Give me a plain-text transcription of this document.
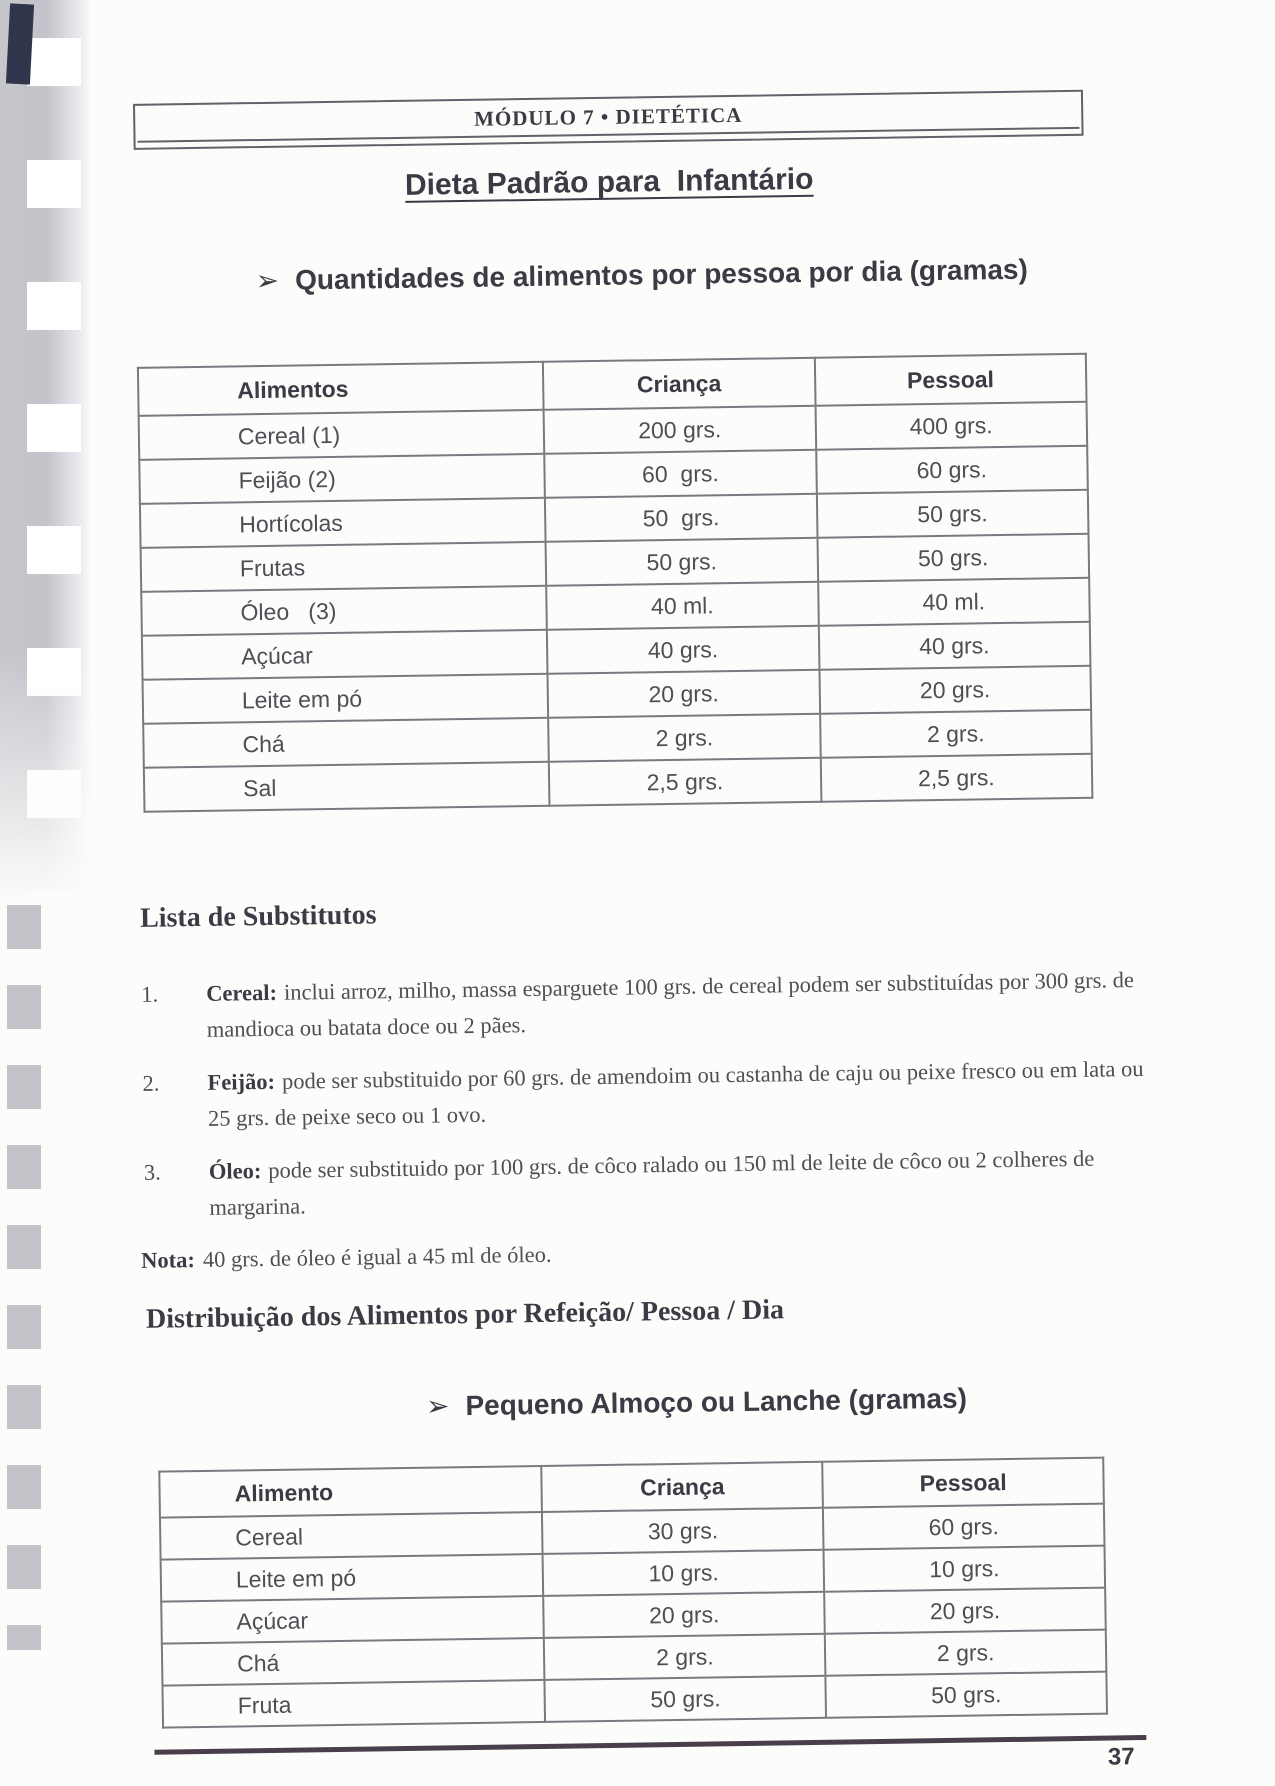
MÓDULO 7 • DIETÉTICA
Dieta Padrão para  Infantário

➢ Quantidades de alimentos por pessoa por dia (gramas)

Alimentos	Criança	Pessoal
Cereal (1)	200 grs.	400 grs.
Feijão (2)	60  grs.	60 grs.
Hortícolas	50  grs.	50 grs.
Frutas	50 grs.	50 grs.
Óleo   (3)	40 ml.	40 ml.
Açúcar	40 grs.	40 grs.
Leite em pó	20 grs.	20 grs.
Chá	2 grs.	2 grs.
Sal	2,5 grs.	2,5 grs.
Lista de Substitutos
1.	Cereal: inclui arroz, milho, massa esparguete 100 grs. de cereal podem ser substituídas por 300 grs. de mandioca ou batata doce ou 2 pães.

2.	Feijão: pode ser substituido por 60 grs. de amendoim ou castanha de caju ou peixe fresco ou em lata ou 25 grs. de peixe seco ou 1 ovo.

3.	Óleo: pode ser substituido por 100 grs. de côco ralado ou 150 ml de leite de côco ou 2 colheres de margarina.

Nota: 40 grs. de óleo é igual a 45 ml de óleo.

Distribuição dos Alimentos por Refeição/ Pessoa / Dia

➢ Pequeno Almoço ou Lanche (gramas)

Alimento	Criança	Pessoal
Cereal	30 grs.	60 grs.
Leite em pó	10 grs.	10 grs.
Açúcar	20 grs.	20 grs.
Chá	2 grs.	2 grs.
Fruta	50 grs.	50 grs.
37
